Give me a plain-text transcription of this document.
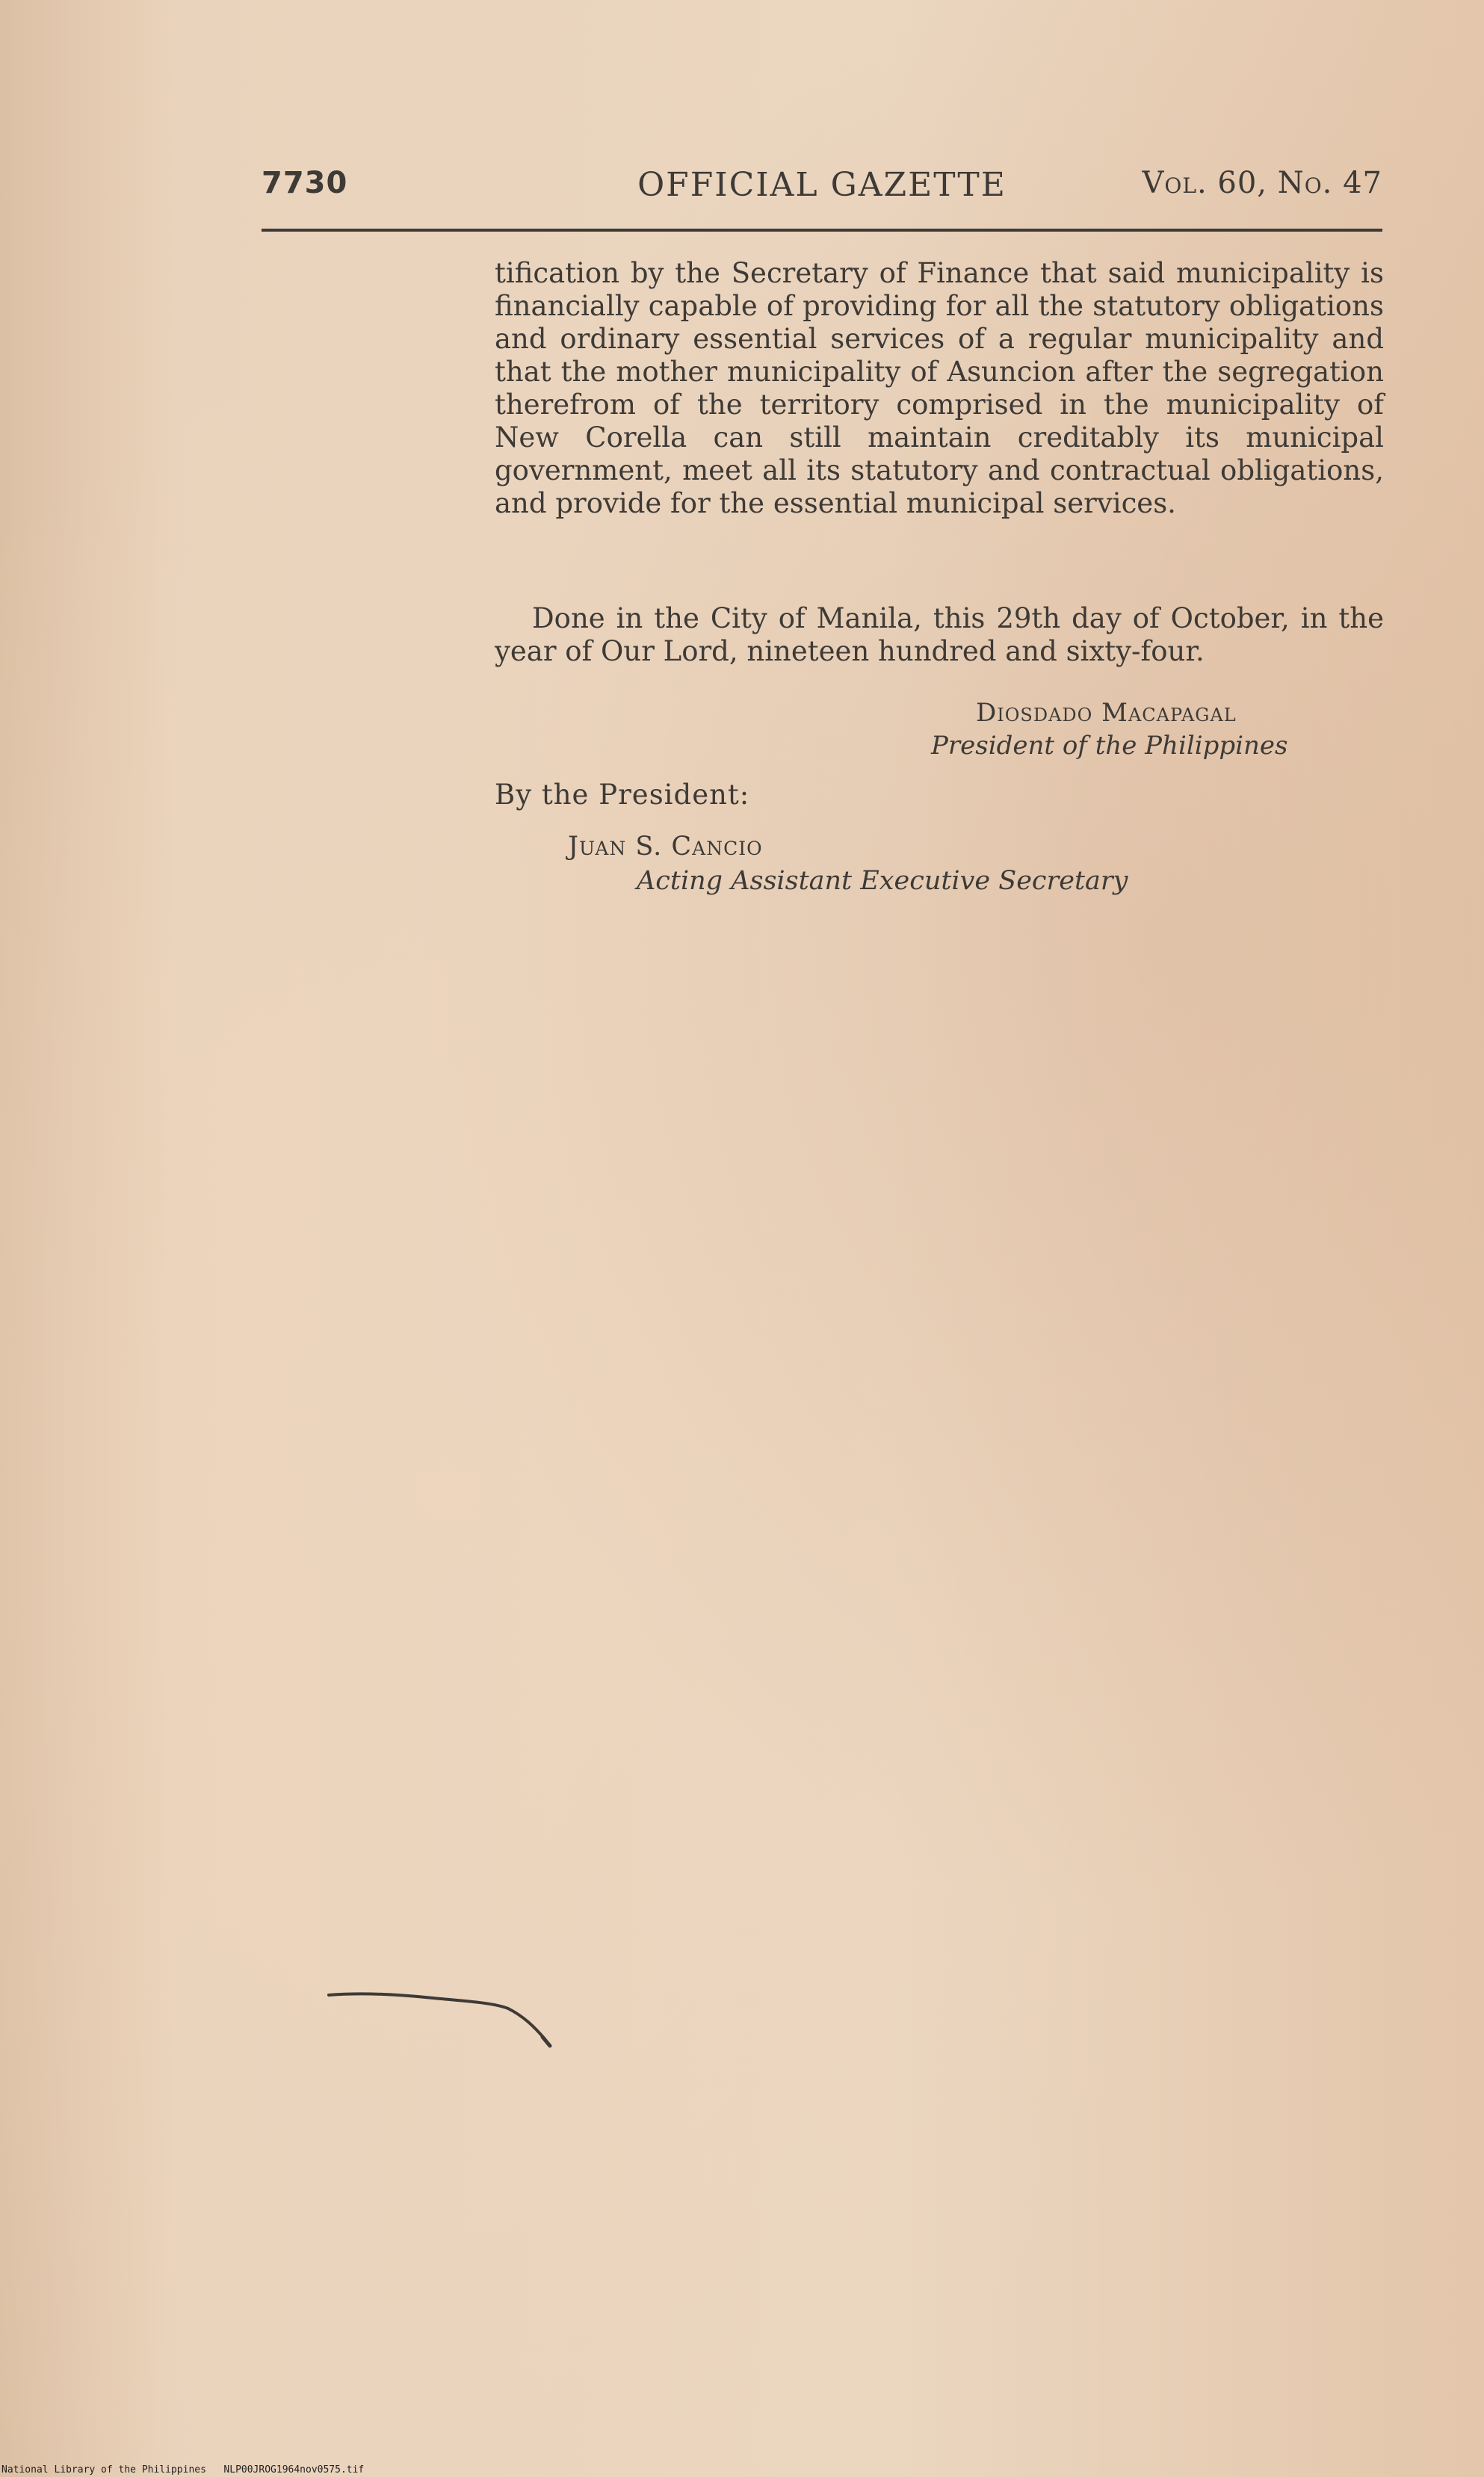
7730	OFFICIAL GAZETTE	Vol. 60, No. 47

tification by the Secretary of Finance that said municipality is financially capable of providing for all the statutory obligations and ordinary essential services of a regular municipality and that the mother municipality of Asuncion after the segregation therefrom of the territory comprised in the municipality of New Corella can still maintain creditably its municipal government, meet all its statutory and contractual obligations, and provide for the essential municipal services.

Done in the City of Manila, this 29th day of October, in the year of Our Lord, nineteen hundred and sixty-four.

Diosdado Macapagal
President of the Philippines
By the President:
Juan S. Cancio
Acting Assistant Executive Secretary
National Library of the Philippines NLP00JROG1964nov0575.tif
